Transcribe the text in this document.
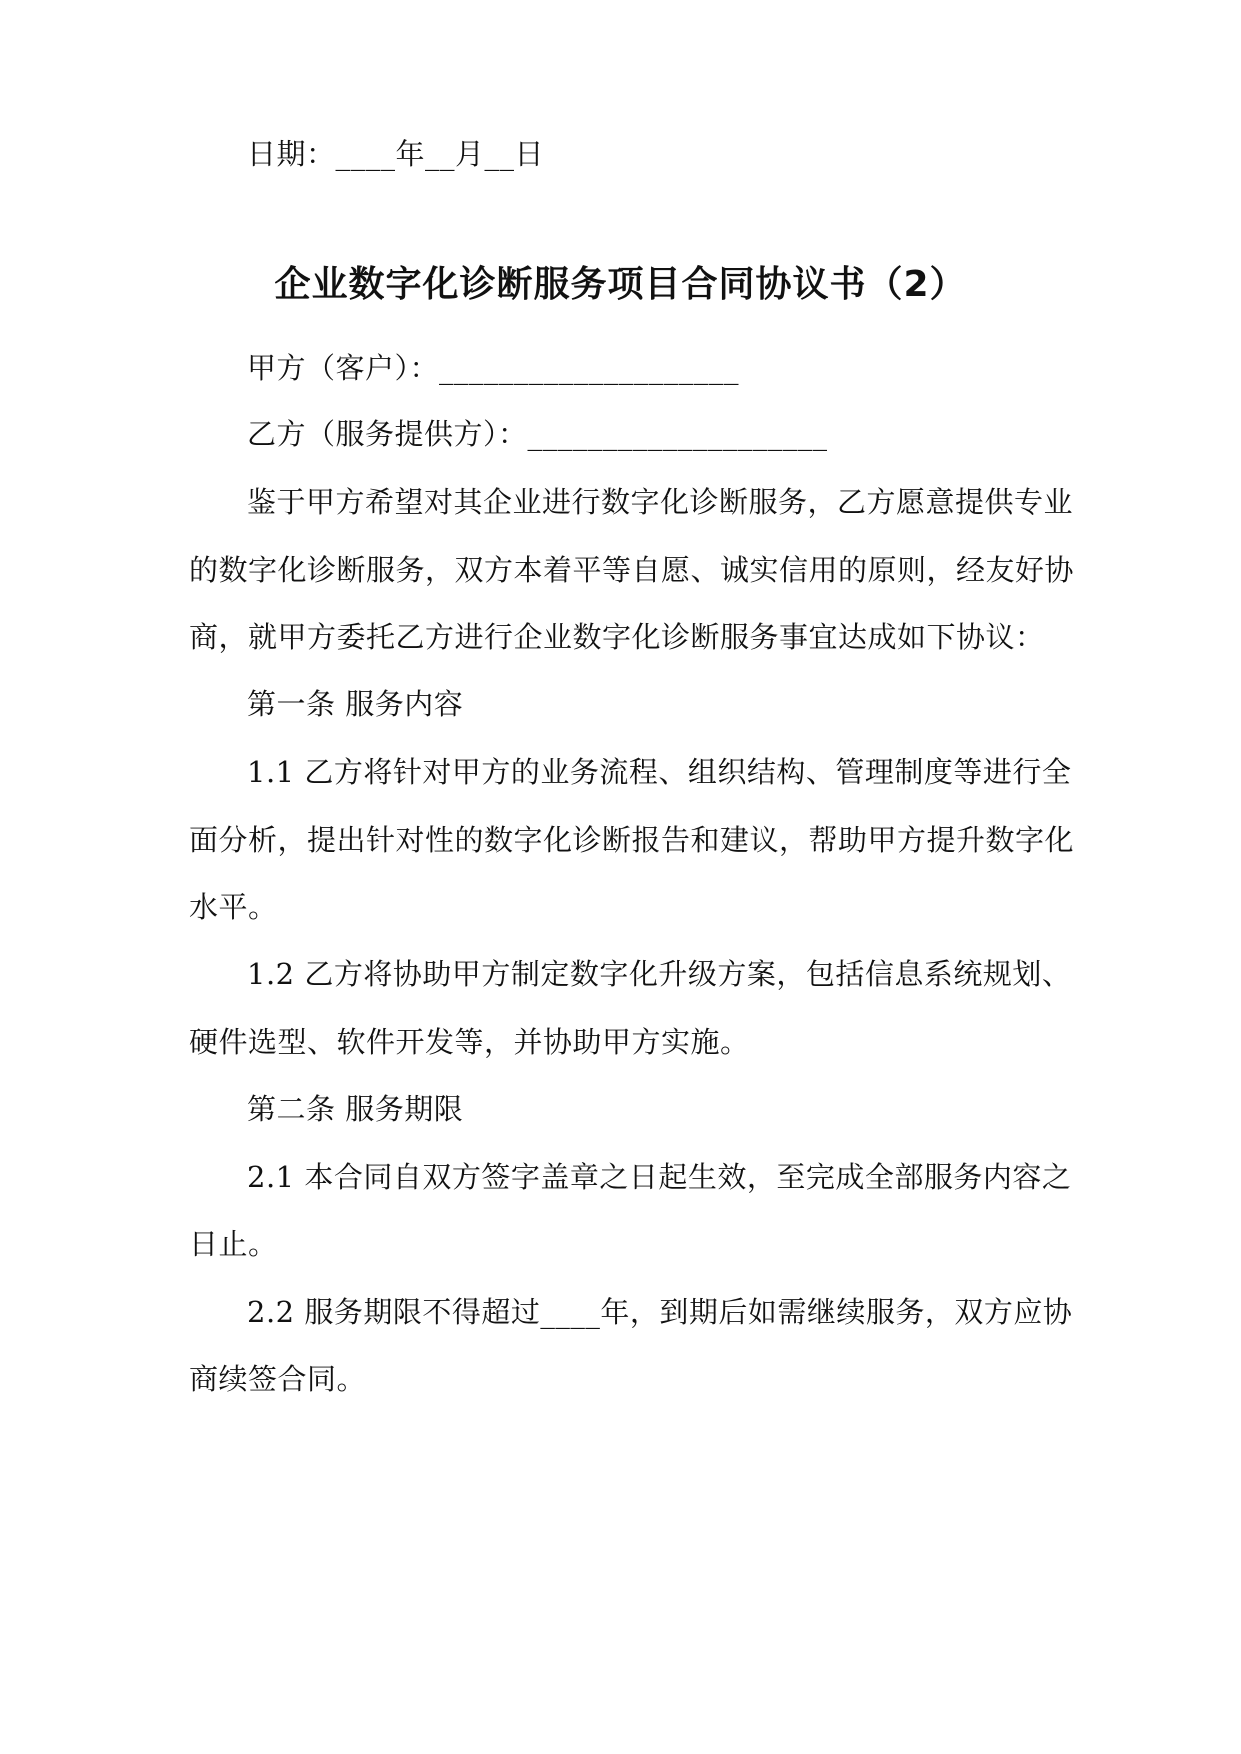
日期：____年__月__日
企业数字化诊断服务项目合同协议书（2）
甲方（客户）：____________________
乙方（服务提供方）：____________________
鉴于甲方希望对其企业进行数字化诊断服务，乙方愿意提供专业
的数字化诊断服务，双方本着平等自愿、诚实信用的原则，经友好协
商，就甲方委托乙方进行企业数字化诊断服务事宜达成如下协议：
第一条 服务内容
1.1 乙方将针对甲方的业务流程、组织结构、管理制度等进行全
面分析，提出针对性的数字化诊断报告和建议，帮助甲方提升数字化
水平。
1.2 乙方将协助甲方制定数字化升级方案，包括信息系统规划、
硬件选型、软件开发等，并协助甲方实施。
第二条 服务期限
2.1 本合同自双方签字盖章之日起生效，至完成全部服务内容之
日止。
2.2 服务期限不得超过____年，到期后如需继续服务，双方应协
商续签合同。
